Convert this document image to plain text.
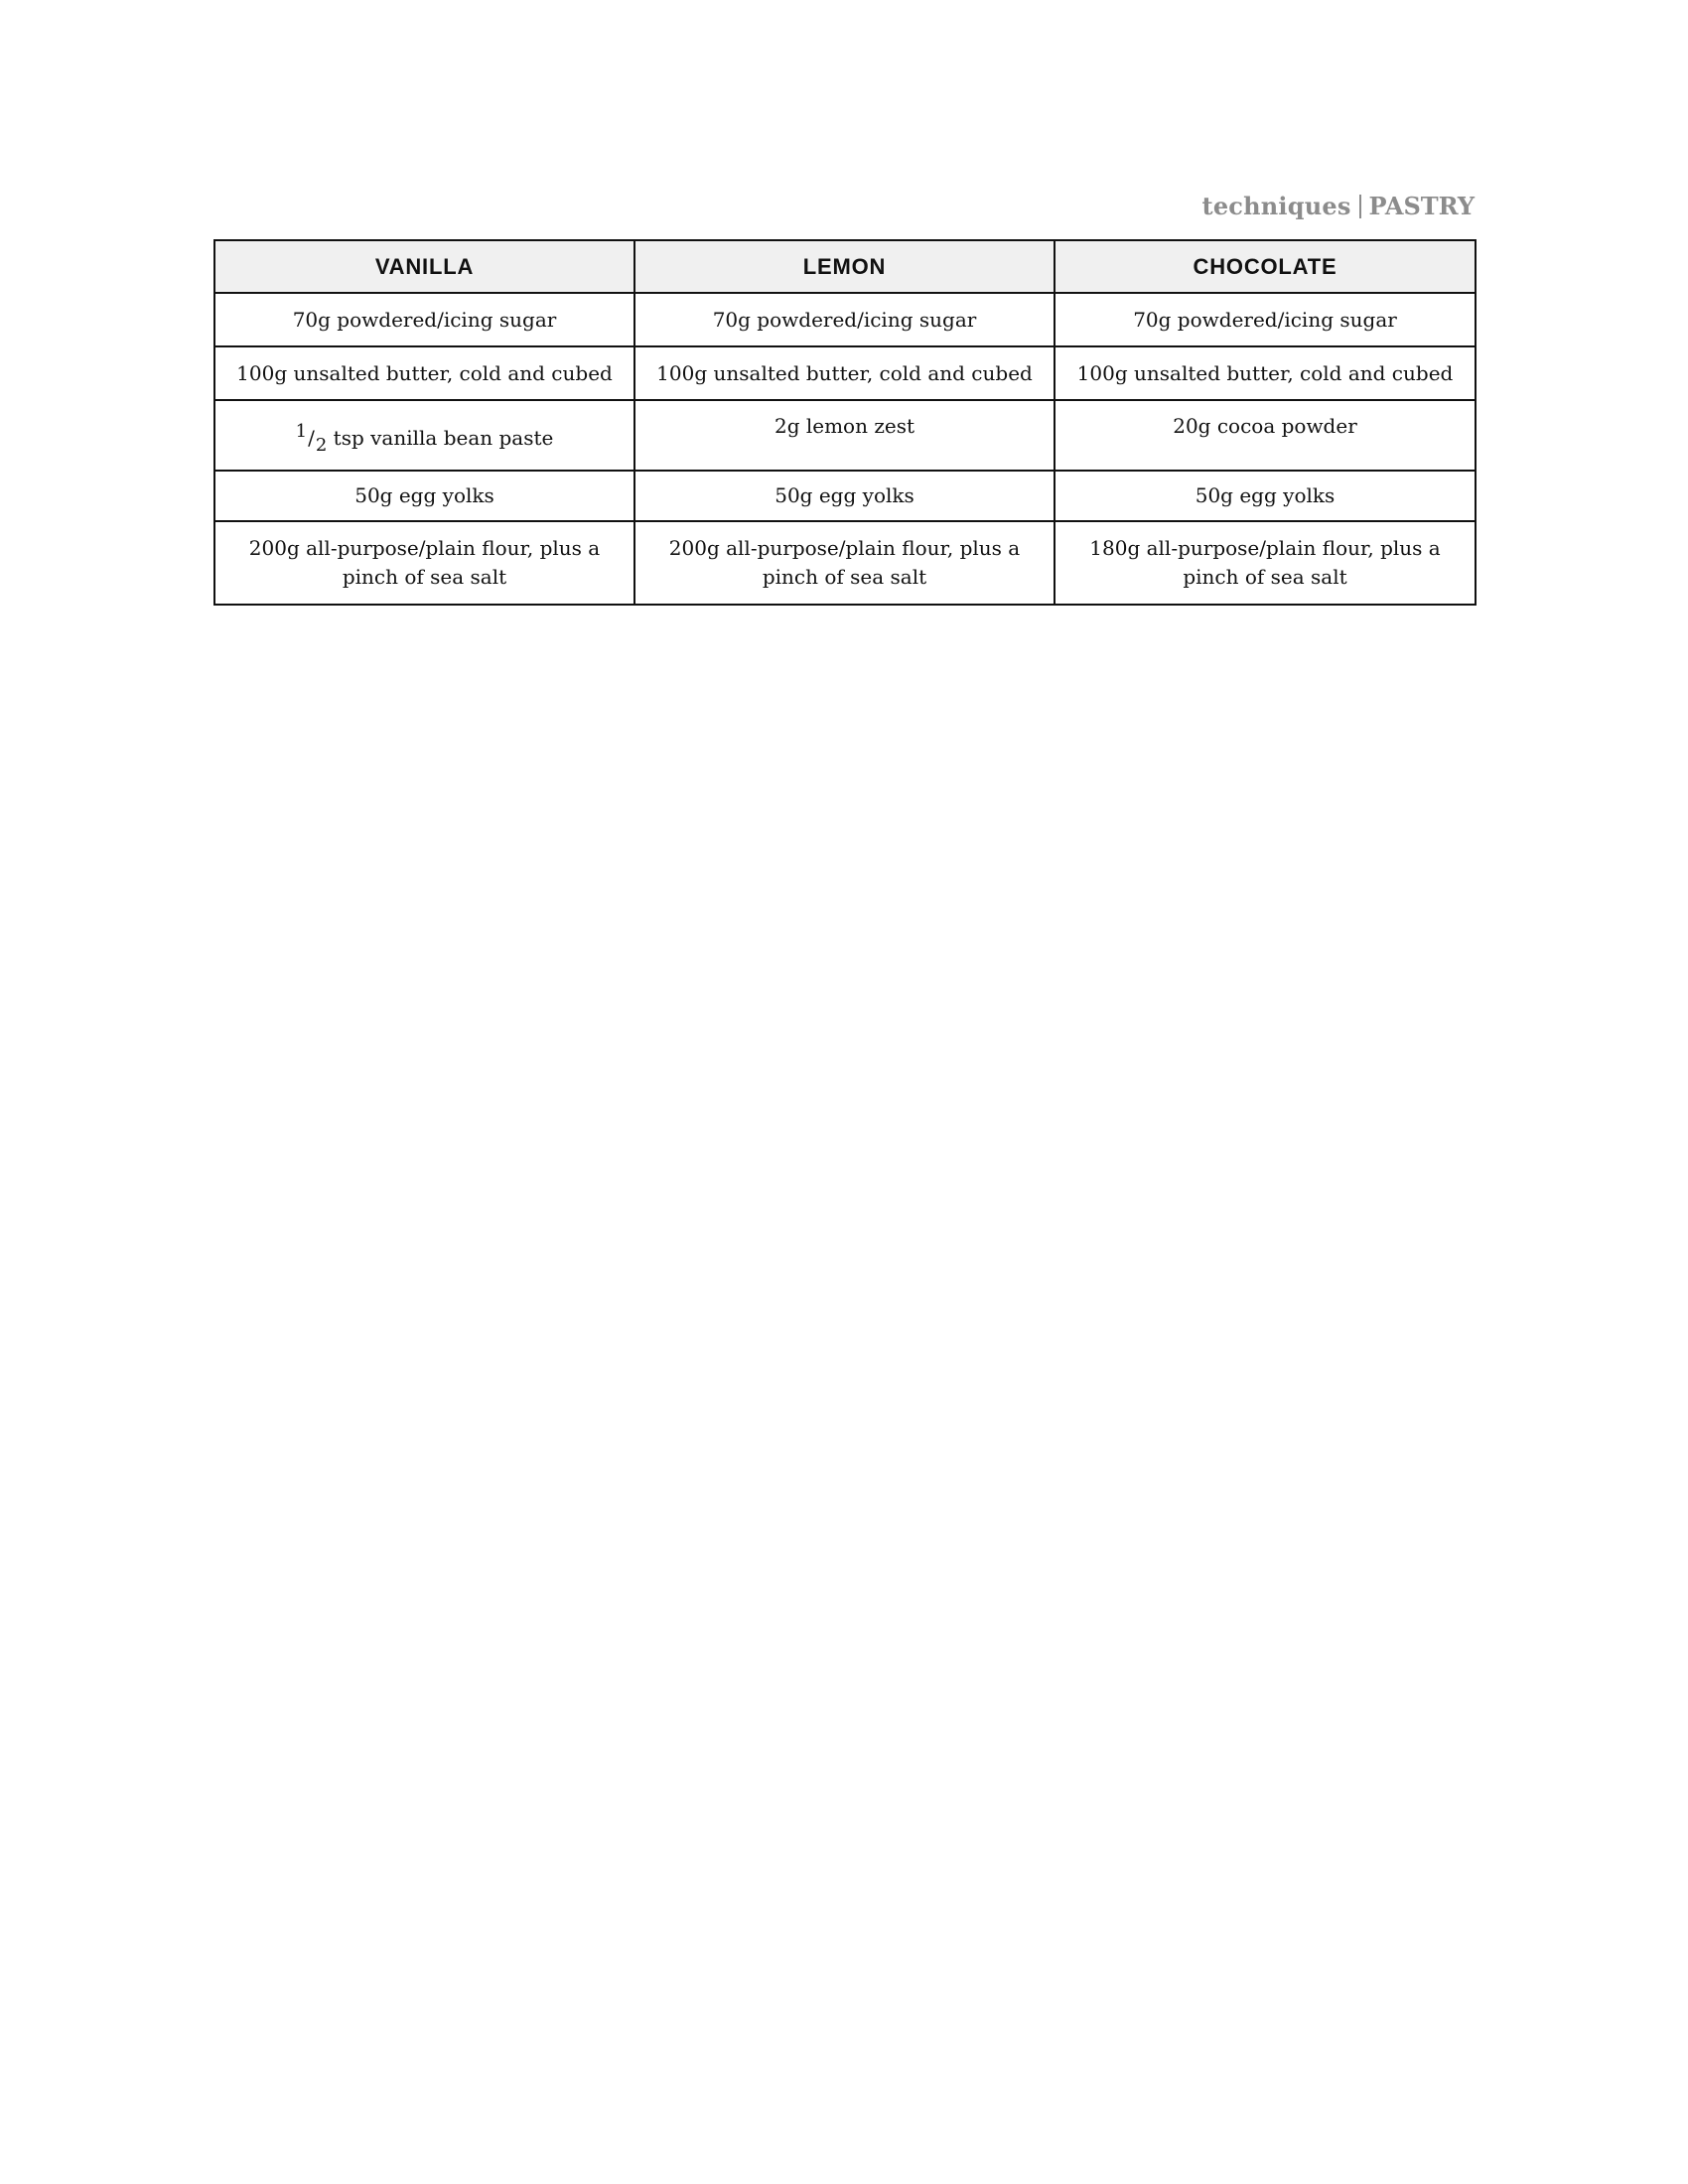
techniques PASTRY
VANILLA	LEMON	CHOCOLATE
70g powdered/icing sugar	70g powdered/icing sugar	70g powdered/icing sugar
100g unsalted butter, cold and cubed	100g unsalted butter, cold and cubed	100g unsalted butter, cold and cubed
1/2 tsp vanilla bean paste	2g lemon zest	20g cocoa powder
50g egg yolks	50g egg yolks	50g egg yolks
200g all-purpose/plain flour, plus a pinch of sea salt	200g all-purpose/plain flour, plus a pinch of sea salt	180g all-purpose/plain flour, plus a pinch of sea salt
